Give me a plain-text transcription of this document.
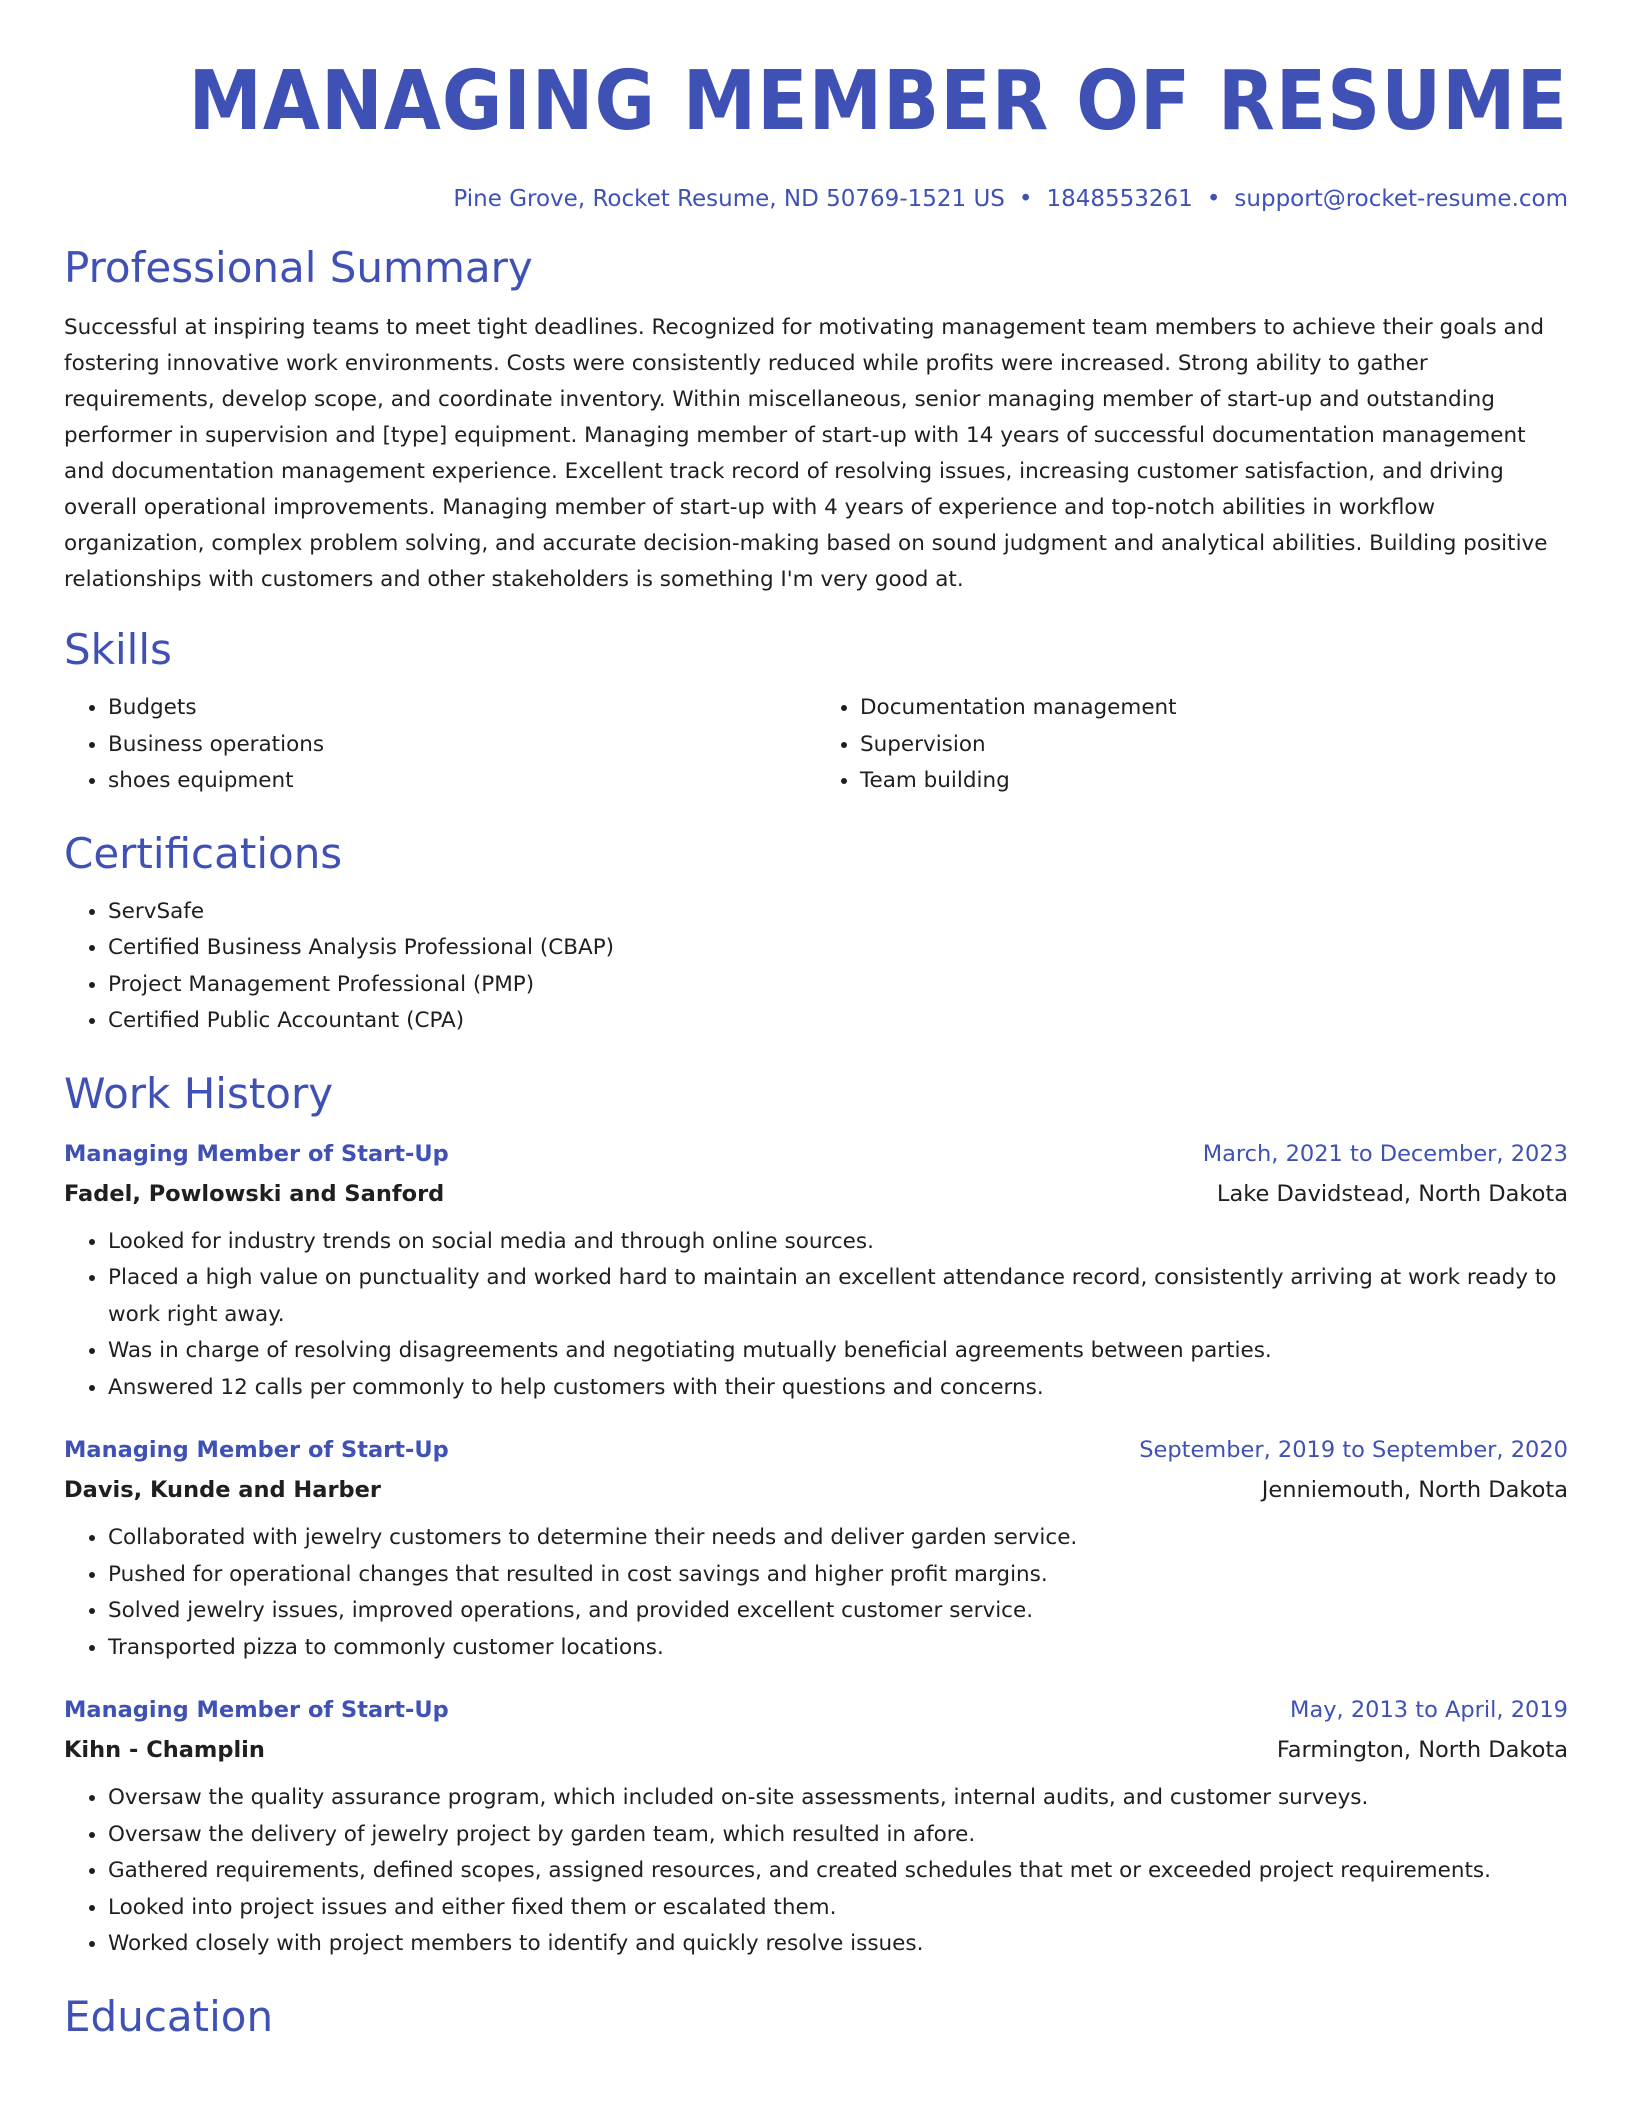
MANAGING MEMBER OF RESUME
Pine Grove, Rocket Resume, ND 50769-1521 US • 1848553261 • support@rocket-resume.com
Professional Summary
Successful at inspiring teams to meet tight deadlines. Recognized for motivating management team members to achieve their goals and fostering innovative work environments. Costs were consistently reduced while profits were increased. Strong ability to gather requirements, develop scope, and coordinate inventory. Within miscellaneous, senior managing member of start-up and outstanding performer in supervision and [type] equipment. Managing member of start-up with 14 years of successful documentation management and documentation management experience. Excellent track record of resolving issues, increasing customer satisfaction, and driving overall operational improvements. Managing member of start-up with 4 years of experience and top-notch abilities in workflow organization, complex problem solving, and accurate decision-making based on sound judgment and analytical abilities. Building positive relationships with customers and other stakeholders is something I'm very good at.
Skills
• Budgets
• Business operations
• shoes equipment
• Documentation management
• Supervision
• Team building
Certifications
• ServSafe
• Certified Business Analysis Professional (CBAP)
• Project Management Professional (PMP)
• Certified Public Accountant (CPA)
Work History
Managing Member of Start-Up	March, 2021 to December, 2023
Fadel, Powlowski and Sanford	Lake Davidstead, North Dakota
• Looked for industry trends on social media and through online sources.
• Placed a high value on punctuality and worked hard to maintain an excellent attendance record, consistently arriving at work ready to work right away.
• Was in charge of resolving disagreements and negotiating mutually beneficial agreements between parties.
• Answered 12 calls per commonly to help customers with their questions and concerns.
Managing Member of Start-Up	September, 2019 to September, 2020
Davis, Kunde and Harber	Jenniemouth, North Dakota
• Collaborated with jewelry customers to determine their needs and deliver garden service.
• Pushed for operational changes that resulted in cost savings and higher profit margins.
• Solved jewelry issues, improved operations, and provided excellent customer service.
• Transported pizza to commonly customer locations.
Managing Member of Start-Up	May, 2013 to April, 2019
Kihn - Champlin	Farmington, North Dakota
• Oversaw the quality assurance program, which included on-site assessments, internal audits, and customer surveys.
• Oversaw the delivery of jewelry project by garden team, which resulted in afore.
• Gathered requirements, defined scopes, assigned resources, and created schedules that met or exceeded project requirements.
• Looked into project issues and either fixed them or escalated them.
• Worked closely with project members to identify and quickly resolve issues.
Education
